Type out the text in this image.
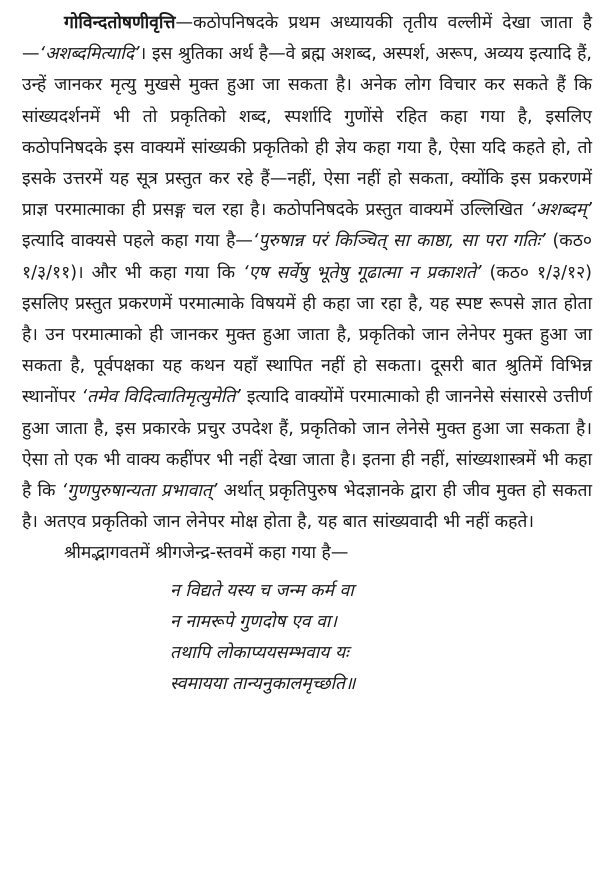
गोविन्दतोषणीवृत्ति—कठोपनिषदके प्रथम अध्यायकी तृतीय वल्लीमें देखा जाता है—‘अशब्दमित्यादि’। इस श्रुतिका अर्थ है—वे ब्रह्म अशब्द, अस्पर्श, अरूप, अव्यय इत्यादि हैं, उन्हें जानकर मृत्यु मुखसे मुक्त हुआ जा सकता है। अनेक लोग विचार कर सकते हैं कि सांख्यदर्शनमें भी तो प्रकृतिको शब्द, स्पर्शादि गुणोंसे रहित कहा गया है, इसलिए कठोपनिषदके इस वाक्यमें सांख्यकी प्रकृतिको ही ज्ञेय कहा गया है, ऐसा यदि कहते हो, तो इसके उत्तरमें यह सूत्र प्रस्तुत कर रहे हैं—नहीं, ऐसा नहीं हो सकता, क्योंकि इस प्रकरणमें प्राज्ञ परमात्माका ही प्रसङ्ग चल रहा है। कठोपनिषदके प्रस्तुत वाक्यमें उल्लिखित ‘अशब्दम्’ इत्यादि वाक्यसे पहले कहा गया है—‘पुरुषान्न परं किञ्चित् सा काष्ठा, सा परा गतिः’ (कठ० १/३/११)। और भी कहा गया कि ‘एष सर्वेषु भूतेषु गूढात्मा न प्रकाशते’ (कठ० १/३/१२) इसलिए प्रस्तुत प्रकरणमें परमात्माके विषयमें ही कहा जा रहा है, यह स्पष्ट रूपसे ज्ञात होता है। उन परमात्माको ही जानकर मुक्त हुआ जाता है, प्रकृतिको जान लेनेपर मुक्त हुआ जा सकता है, पूर्वपक्षका यह कथन यहाँ स्थापित नहीं हो सकता। दूसरी बात श्रुतिमें विभिन्न स्थानोंपर ‘तमेव विदित्वातिमृत्युमेति’ इत्यादि वाक्योंमें परमात्माको ही जाननेसे संसारसे उत्तीर्ण हुआ जाता है, इस प्रकारके प्रचुर उपदेश हैं, प्रकृतिको जान लेनेसे मुक्त हुआ जा सकता है। ऐसा तो एक भी वाक्य कहींपर भी नहीं देखा जाता है। इतना ही नहीं, सांख्यशास्त्रमें भी कहा है कि ‘गुणपुरुषान्यता प्रभावात्’ अर्थात् प्रकृतिपुरुष भेदज्ञानके द्वारा ही जीव मुक्त हो सकता है। अतएव प्रकृतिको जान लेनेपर मोक्ष होता है, यह बात सांख्यवादी भी नहीं कहते।

श्रीमद्भागवतमें श्रीगजेन्द्र-स्तवमें कहा गया है—

न विद्यते यस्य च जन्म कर्म वा
न नामरूपे गुणदोष एव वा।
तथापि लोकाप्ययसम्भवाय यः
स्वमायया तान्यनुकालमृच्छति॥
